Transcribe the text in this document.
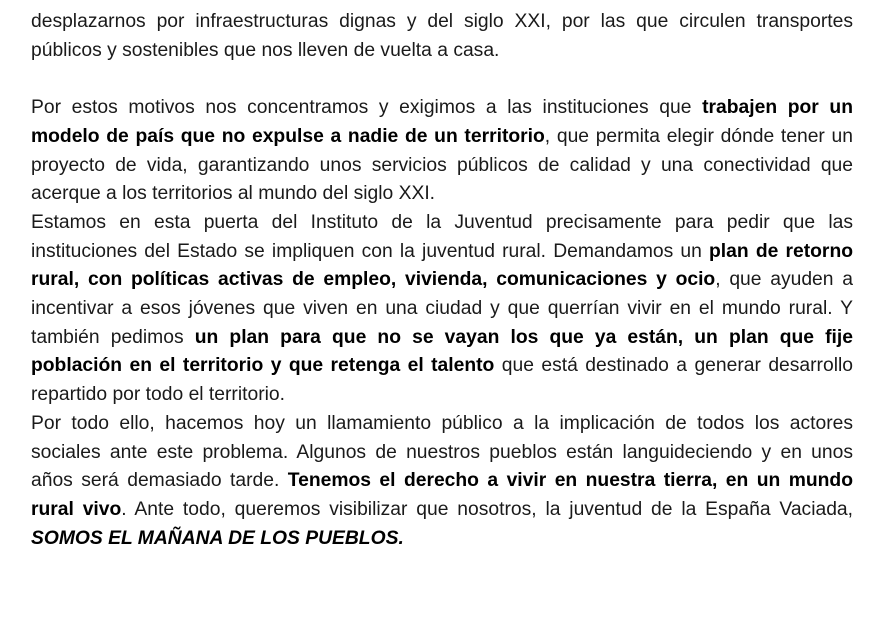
desplazarnos por infraestructuras dignas y del siglo XXI, por las que circulen transportes públicos y sostenibles que nos lleven de vuelta a casa.

Por estos motivos nos concentramos y exigimos a las instituciones que trabajen por un modelo de país que no expulse a nadie de un territorio, que permita elegir dónde tener un proyecto de vida, garantizando unos servicios públicos de calidad y una conectividad que acerque a los territorios al mundo del siglo XXI.

Estamos en esta puerta del Instituto de la Juventud precisamente para pedir que las instituciones del Estado se impliquen con la juventud rural. Demandamos un plan de retorno rural, con políticas activas de empleo, vivienda, comunicaciones y ocio, que ayuden a incentivar a esos jóvenes que viven en una ciudad y que querrían vivir en el mundo rural. Y también pedimos un plan para que no se vayan los que ya están, un plan que fije población en el territorio y que retenga el talento que está destinado a generar desarrollo repartido por todo el territorio.

Por todo ello, hacemos hoy un llamamiento público a la implicación de todos los actores sociales ante este problema. Algunos de nuestros pueblos están languideciendo y en unos años será demasiado tarde. Tenemos el derecho a vivir en nuestra tierra, en un mundo rural vivo. Ante todo, queremos visibilizar que nosotros, la juventud de la España Vaciada, SOMOS EL MAÑANA DE LOS PUEBLOS.
